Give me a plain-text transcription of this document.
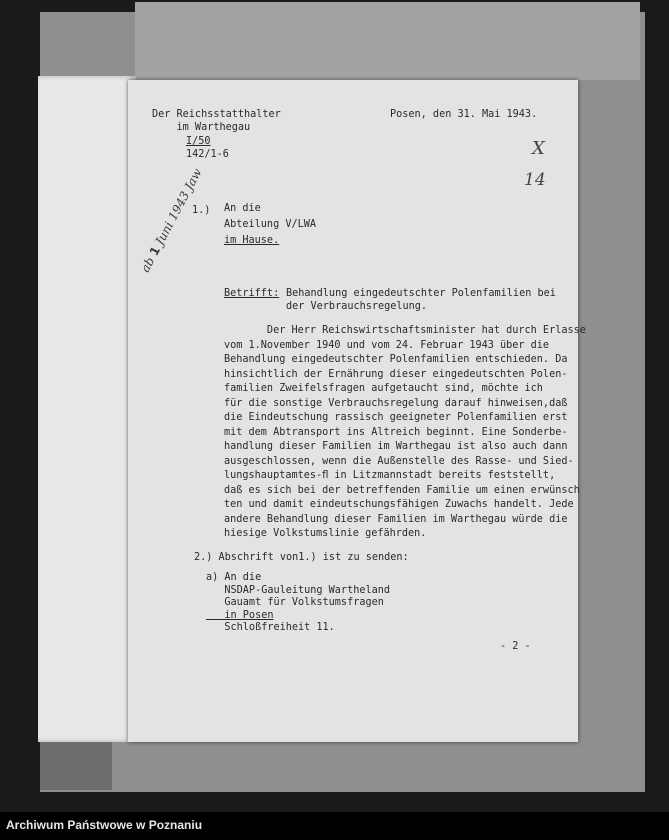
Der Reichsstatthalter
im Warthegau
Posen, den 31. Mai 1943.
I/50
142/1-6	X
14
1.) An die
Abteilung V/LWA
im Hause.
Betrifft: Behandlung eingedeutschter Polenfamilien bei
der Verbrauchsregelung.
Der Herr Reichswirtschaftsminister hat durch Erlasse
vom 1.November 1940 und vom 24. Februar 1943 über die
Behandlung eingedeutschter Polenfamilien entschieden. Da
hinsichtlich der Ernährung dieser eingedeutschten Polen-
familien Zweifelsfragen aufgetaucht sind, möchte ich
für die sonstige Verbrauchsregelung darauf hinweisen,daß
die Eindeutschung rassisch geeigneter Polenfamilien erst
mit dem Abtransport ins Altreich beginnt. Eine Sonderbe-
handlung dieser Familien im Warthegau ist also auch dann
ausgeschlossen, wenn die Außenstelle des Rasse- und Sied-
lungshauptamtes-ﬂ in Litzmannstadt bereits feststellt,
daß es sich bei der betreffenden Familie um einen erwünsch
ten und damit eindeutschungsfähigen Zuwachs handelt. Jede
andere Behandlung dieser Familien im Warthegau würde die
hiesige Volkstumslinie gefährden.
2.) Abschrift von1.) ist zu senden:
a) An die
NSDAP-Gauleitung Wartheland
Gauamt für Volkstumsfragen
in Posen
Schloßfreiheit 11.
- 2 -
ab 1 Juni 1943 Jaw

Archiwum Państwowe w Poznaniu
